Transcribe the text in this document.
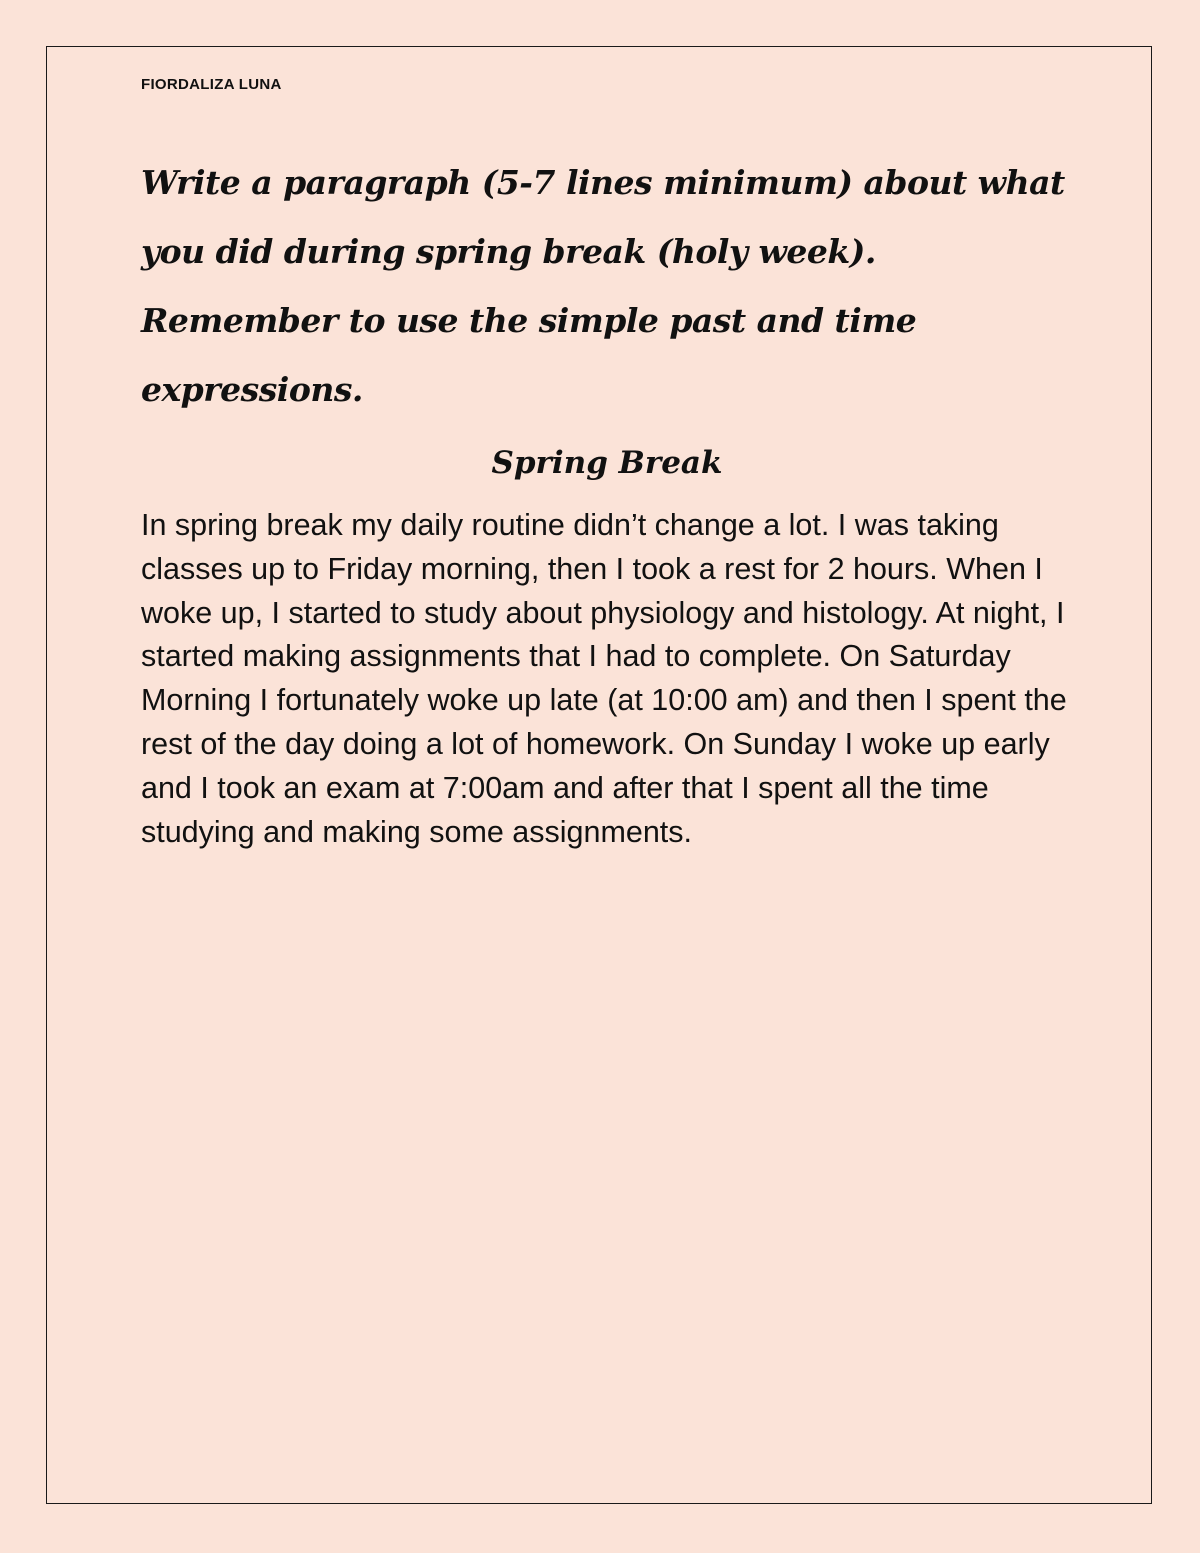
FIORDALIZA LUNA

Write a paragraph (5-7 lines minimum) about what you did during spring break (holy week). Remember to use the simple past and time expressions.

Spring Break

In spring break my daily routine didn’t change a lot. I was taking classes up to Friday morning, then I took a rest for 2 hours. When I woke up, I started to study about physiology and histology. At night, I started making assignments that I had to complete. On Saturday Morning I fortunately woke up late (at 10:00 am) and then I spent the rest of the day doing a lot of homework. On Sunday I woke up early and I took an exam at 7:00am and after that I spent all the time studying and making some assignments.
